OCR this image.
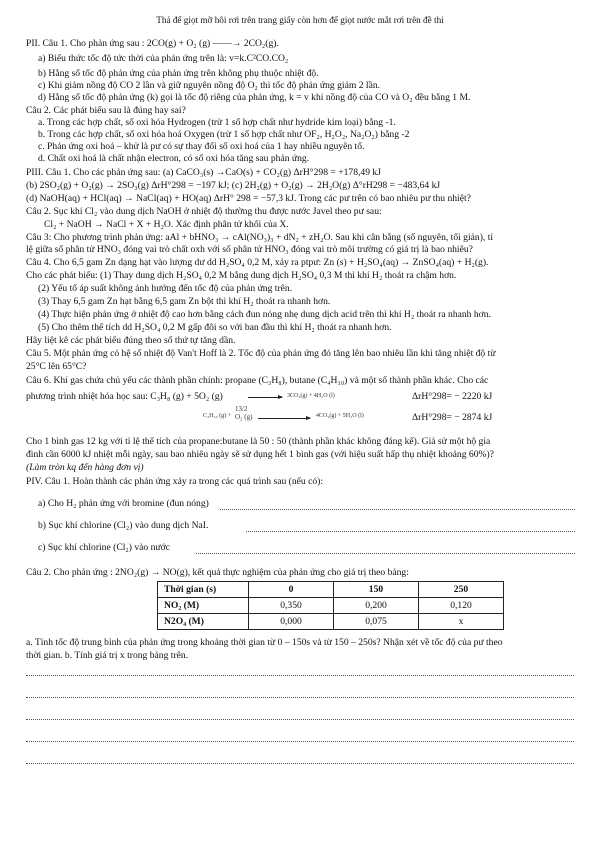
Thả để giọt mỡ hôi rơi trên trang giấy còn hơn để giọt nước mắt rơi trên đề thi
PII. Câu 1. Cho phản ứng sau : 2CO(g) + O₂ (g) ——→ 2CO₂(g).
a) Biểu thức tốc độ tức thời của phản ứng trên là: v=k.C²CO.CO₂
b) Hằng số tốc độ phản ứng của phản ứng trên không phụ thuộc nhiệt độ.
c) Khi giảm nồng độ CO 2 lần và giữ nguyên nồng độ O₂ thì tốc độ phản ứng giảm 2 lần.
d) Hằng số tốc độ phản ứng (k) gọi là tốc độ riêng của phản ứng, k = v khi nồng độ của CO và O₂ đều bằng 1 M.
Câu 2. Các phát biểu sau là đúng hay sai?
a. Trong các hợp chất, số oxi hóa Hydrogen (trừ 1 số hợp chất như hydride kim loại) bằng -1.
b. Trong các hợp chất, số oxi hóa hoá Oxygen (trừ 1 số hợp chất như OF₂, H₂O₂, Na₂O₂) bằng -2
c. Phản ứng oxi hoá – khử là pư có sự thay đổi số oxi hoá của 1 hay nhiều nguyên tố.
d. Chất oxi hoá là chất nhận electron, có số oxi hóa tăng sau phản ứng.
PIII. Câu 1. Cho các phản ứng sau: (a) CaCO₃(s) →CaO(s) + CO₂(g) ΔrH°298 = +178,49 kJ
(b) 2SO₂(g) + O₂(g) → 2SO₃(g) ΔrH°298 = −197 kJ; (c) 2H₂(g) + O₂(g) → 2H₂O(g) Δ°rH298 = −483,64 kJ
(d) NaOH(aq) + HCl(aq) → NaCl(aq) + HO(aq) ΔrH° 298 = −57,3 kJ. Trong các pư trên có bao nhiêu pư thu nhiệt?
Câu 2. Sục khí Cl₂ vào dung dịch NaOH ở nhiệt độ thường thu được nước Javel theo pư sau:
Cl₂ + NaOH → NaCl + X + H₂O. Xác định phân tử khối của X.
Câu 3: Cho phương trình phản ứng: aAl + bHNO₃ → cAl(NO₃)₃ + dN₂ + zH₂O. Sau khi cân bằng (số nguyên, tối giản), tỉ
lệ giữa số phân tử HNO₃ đóng vai trò chất oxh với số phân tử HNO₃ đóng vai trò môi trường có giá trị là bao nhiêu?
Câu 4. Cho 6,5 gam Zn dạng hạt vào lượng dư dd H₂SO₄ 0,2 M, xảy ra ptpư: Zn (s) + H₂SO₄(aq) → ZnSO₄(aq) + H₂(g).
Cho các phát biểu: (1) Thay dung dịch H₂SO₄ 0,2 M bằng dung dịch H₂SO₄ 0,3 M thì khí H₂ thoát ra chậm hơn.
(2) Yếu tố áp suất không ảnh hưởng đến tốc độ của phản ứng trên.
(3) Thay 6,5 gam Zn hạt bằng 6,5 gam Zn bột thì khí H₂ thoát ra nhanh hơn.
(4) Thực hiện phản ứng ở nhiệt độ cao hơn bằng cách đun nóng nhẹ dung dịch acid trên thì khí H₂ thoát ra nhanh hơn.
(5) Cho thêm thể tích dd H₂SO₄ 0,2 M gấp đôi so với ban đầu thì khí H₂ thoát ra nhanh hơn.
Hãy liệt kê các phát biểu đúng theo số thứ tự tăng dần.
Câu 5. Một phản ứng có hệ số nhiệt độ Van't Hoff là 2. Tốc độ của phản ứng đó tăng lên bao nhiêu lần khi tăng nhiệt độ từ
25°C lên 65°C?
Câu 6. Khí gas chứa chủ yếu các thành phần chính: propane (C₃H₈), butane (C₄H₁₀) và một số thành phần khác. Cho các
phương trình nhiệt hóa học sau: C₃H₈ (g) + 5O₂ (g)	→ 3CO₂(g) + 4H₂O (l)	ΔrH°298= − 2220 kJ
C₄H₁₀ (g) +
13/2 O₂ (g) → 4CO₂(g) + 5H₂O (l)	ΔrH°298= − 2874 kJ
Cho 1 bình gas 12 kg với tỉ lệ thể tích của propane:butane là 50 : 50 (thành phần khác không đáng kể). Giả sử một hộ gia
đình cần 6000 kJ nhiệt mỗi ngày, sau bao nhiêu ngày sẽ sử dụng hết 1 bình gas (với hiệu suất hấp thụ nhiệt khoảng 60%)?
(Làm tròn kq đến hàng đơn vị)
PIV. Câu 1. Hoàn thành các phản ứng xảy ra trong các quá trình sau (nếu có):
a) Cho H₂ phản ứng với bromine (đun nóng)
b) Sục khí chlorine (Cl₂) vào dung dịch NaI.
c) Sục khí chlorine (Cl₂) vào nước
Câu 2. Cho phản ứng : 2NO₂(g) → NO(g), kết quả thực nghiệm của phản ứng cho giá trị theo bảng:
Thời gian (s)	0	150	250
NO₂ (M)	0,350	0,200	0,120
N2O₄ (M)	0,000	0,075	x
a. Tính tốc độ trung bình của phản ứng trong khoảng thời gian từ 0 – 150s và từ 150 – 250s? Nhận xét về tốc độ của pư theo
thời gian. b. Tính giá trị x trong bảng trên.
